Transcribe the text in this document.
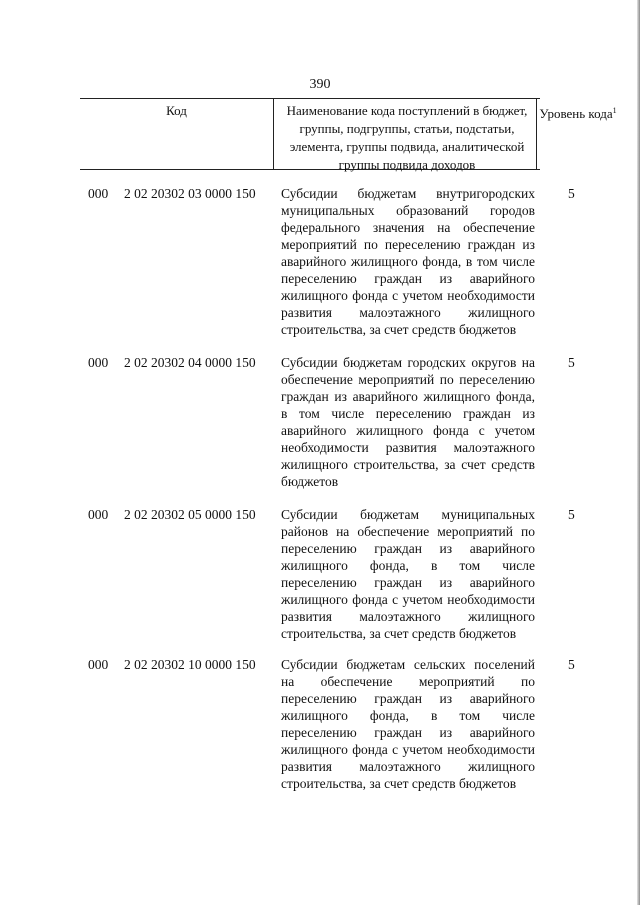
390
Код	Наименование кода поступлений в бюджет, группы, подгруппы, статьи, подстатьи, элемента, группы подвида, аналитической группы подвида доходов
Уровень кода$^1$
000 2 02 20302 03 0000 150 Субсидии бюджетам внутригородских муниципальных образований городов федерального значения на обеспечение мероприятий по переселению граждан из аварийного жилищного фонда, в том числе переселению граждан из аварийного жилищного фонда с учетом необходимости развития малоэтажного жилищного строительства, за счет средств бюджетов
5
000 2 02 20302 04 0000 150 Субсидии бюджетам городских округов на обеспечение мероприятий по переселению граждан из аварийного жилищного фонда, в том числе переселению граждан из аварийного жилищного фонда с учетом необходимости развития малоэтажного жилищного строительства, за счет средств бюджетов
5
000 2 02 20302 05 0000 150 Субсидии бюджетам муниципальных районов на обеспечение мероприятий по переселению граждан из аварийного жилищного фонда, в том числе переселению граждан из аварийного жилищного фонда с учетом необходимости развития малоэтажного жилищного строительства, за счет средств бюджетов
5
000 2 02 20302 10 0000 150 Субсидии бюджетам сельских поселений на обеспечение мероприятий по переселению граждан из аварийного жилищного фонда, в том числе переселению граждан из аварийного жилищного фонда с учетом необходимости развития малоэтажного жилищного строительства, за счет средств бюджетов
5
